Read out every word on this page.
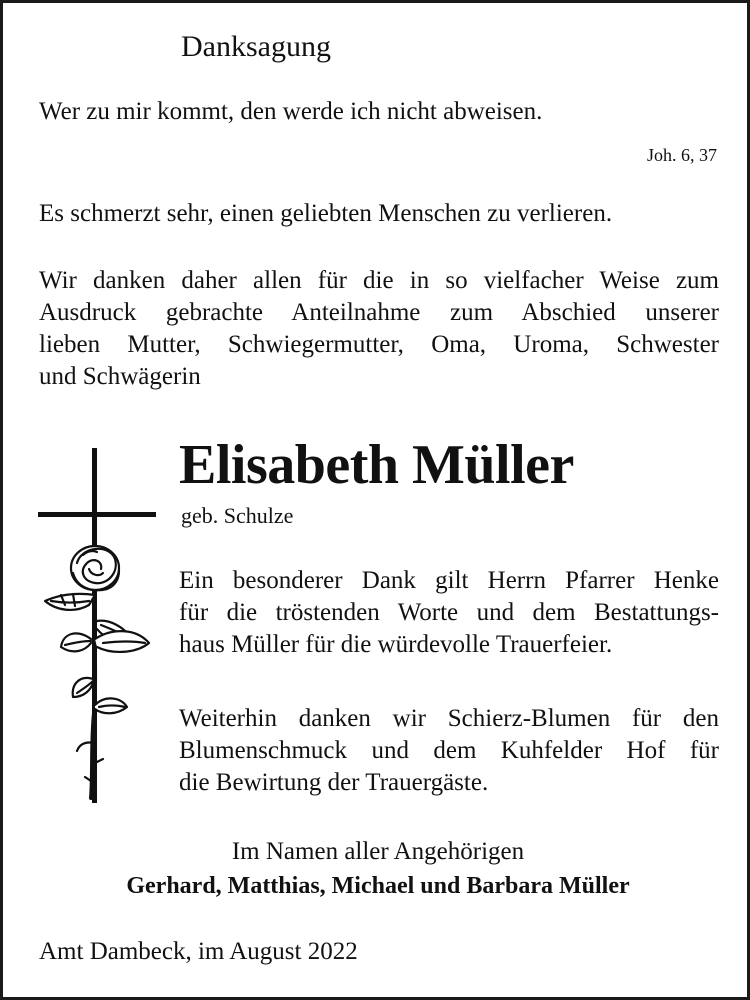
Danksagung
Wer zu mir kommt, den werde ich nicht abweisen.
Joh. 6, 37
Es schmerzt sehr, einen geliebten Menschen zu verlieren.
Wir danken daher allen für die in so vielfacher Weise zum
Ausdruck gebrachte Anteilnahme zum Abschied unserer
lieben Mutter, Schwiegermutter, Oma, Uroma, Schwester
und Schwägerin
Elisabeth Müller
geb. Schulze
Ein besonderer Dank gilt Herrn Pfarrer Henke
für die tröstenden Worte und dem Bestattungs-
haus Müller für die würdevolle Trauerfeier.
Weiterhin danken wir Schierz-Blumen für den
Blumenschmuck und dem Kuhfelder Hof für
die Bewirtung der Trauergäste.
Im Namen aller Angehörigen
Gerhard, Matthias, Michael und Barbara Müller
Amt Dambeck, im August 2022
